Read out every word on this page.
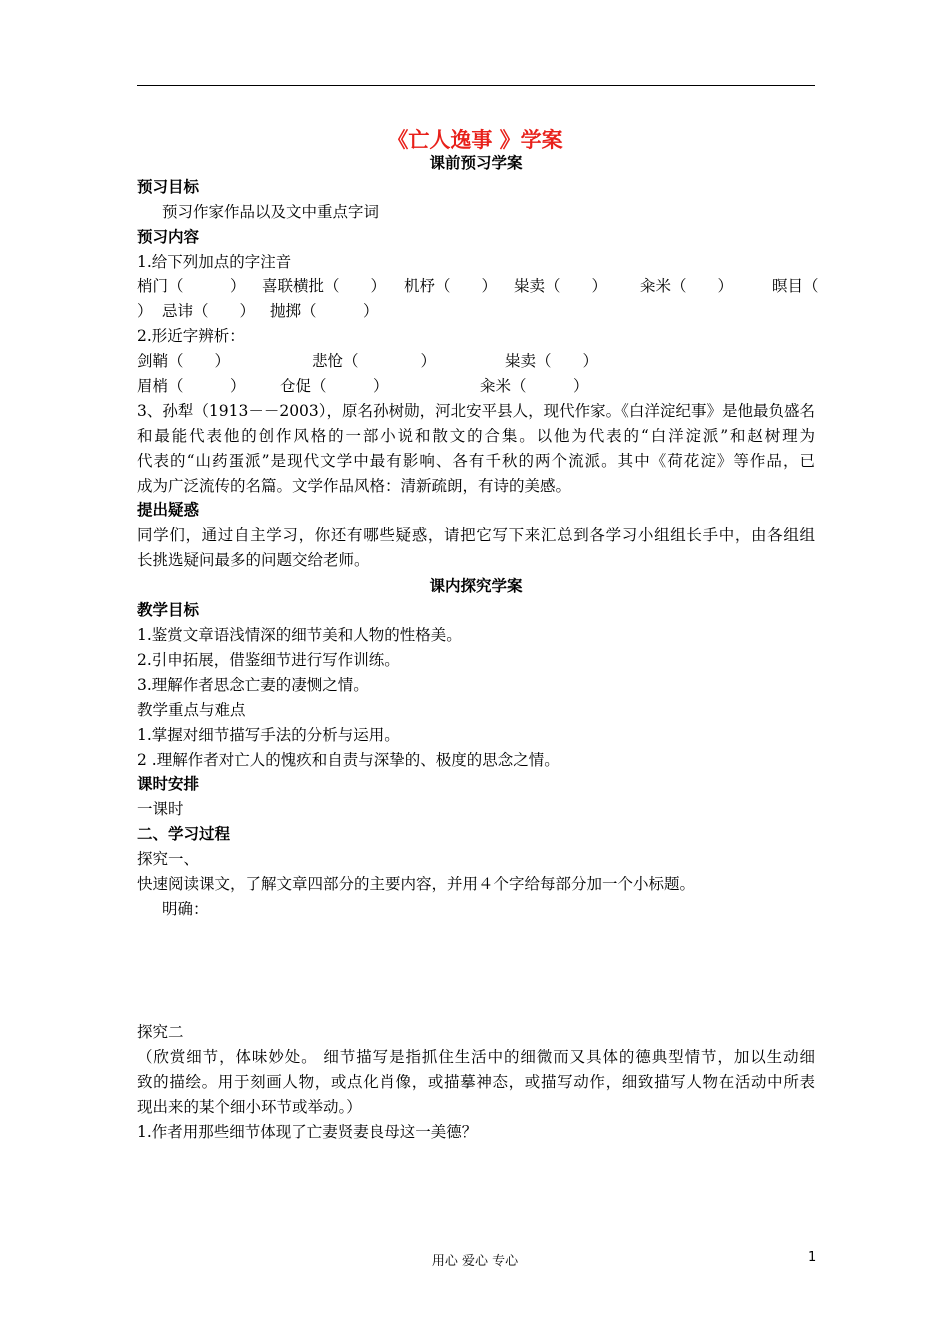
《亡人逸事 》学案
课前预习学案
预习目标
预习作家作品以及文中重点字词
预习内容
1.给下列加点的字注音
梢门（　　　） 喜联横批（　　） 机杼（　　） 粜卖（　　） 籴米（　　）	暝目（
） 忌讳（　　） 抛掷（　　　）
2.形近字辨析：
剑鞘（　　）	悲怆（　　　　）	粜卖（　　）
眉梢（　　　） 仓促（　　　）	籴米（　　　）
3、孙犁（1913－－2003），原名孙树勋，河北安平县人，现代作家。《白洋淀纪事》是他最负盛名
和最能代表他的创作风格的一部小说和散文的合集。以他为代表的“白洋淀派”和赵树理为
代表的“山药蛋派”是现代文学中最有影响、各有千秋的两个流派。其中《荷花淀》等作品，已
成为广泛流传的名篇。文学作品风格：清新疏朗，有诗的美感。
提出疑惑
同学们，通过自主学习，你还有哪些疑惑，请把它写下来汇总到各学习小组组长手中，由各组组
长挑选疑问最多的问题交给老师。
课内探究学案
教学目标
1.鉴赏文章语浅情深的细节美和人物的性格美。
2.引申拓展，借鉴细节进行写作训练。
3.理解作者思念亡妻的凄恻之情。
教学重点与难点
1.掌握对细节描写手法的分析与运用。
2 .理解作者对亡人的愧疚和自责与深挚的、极度的思念之情。
课时安排
一课时
二、学习过程
探究一、
快速阅读课文，了解文章四部分的主要内容，并用４个字给每部分加一个小标题。
明确：
探究二
（欣赏细节，体味妙处。 细节描写是指抓住生活中的细微而又具体的德典型情节，加以生动细
致的描绘。用于刻画人物，或点化肖像，或描摹神态，或描写动作，细致描写人物在活动中所表
现出来的某个细小环节或举动。）
1.作者用那些细节体现了亡妻贤妻良母这一美德？
用心 爱心 专心	1
